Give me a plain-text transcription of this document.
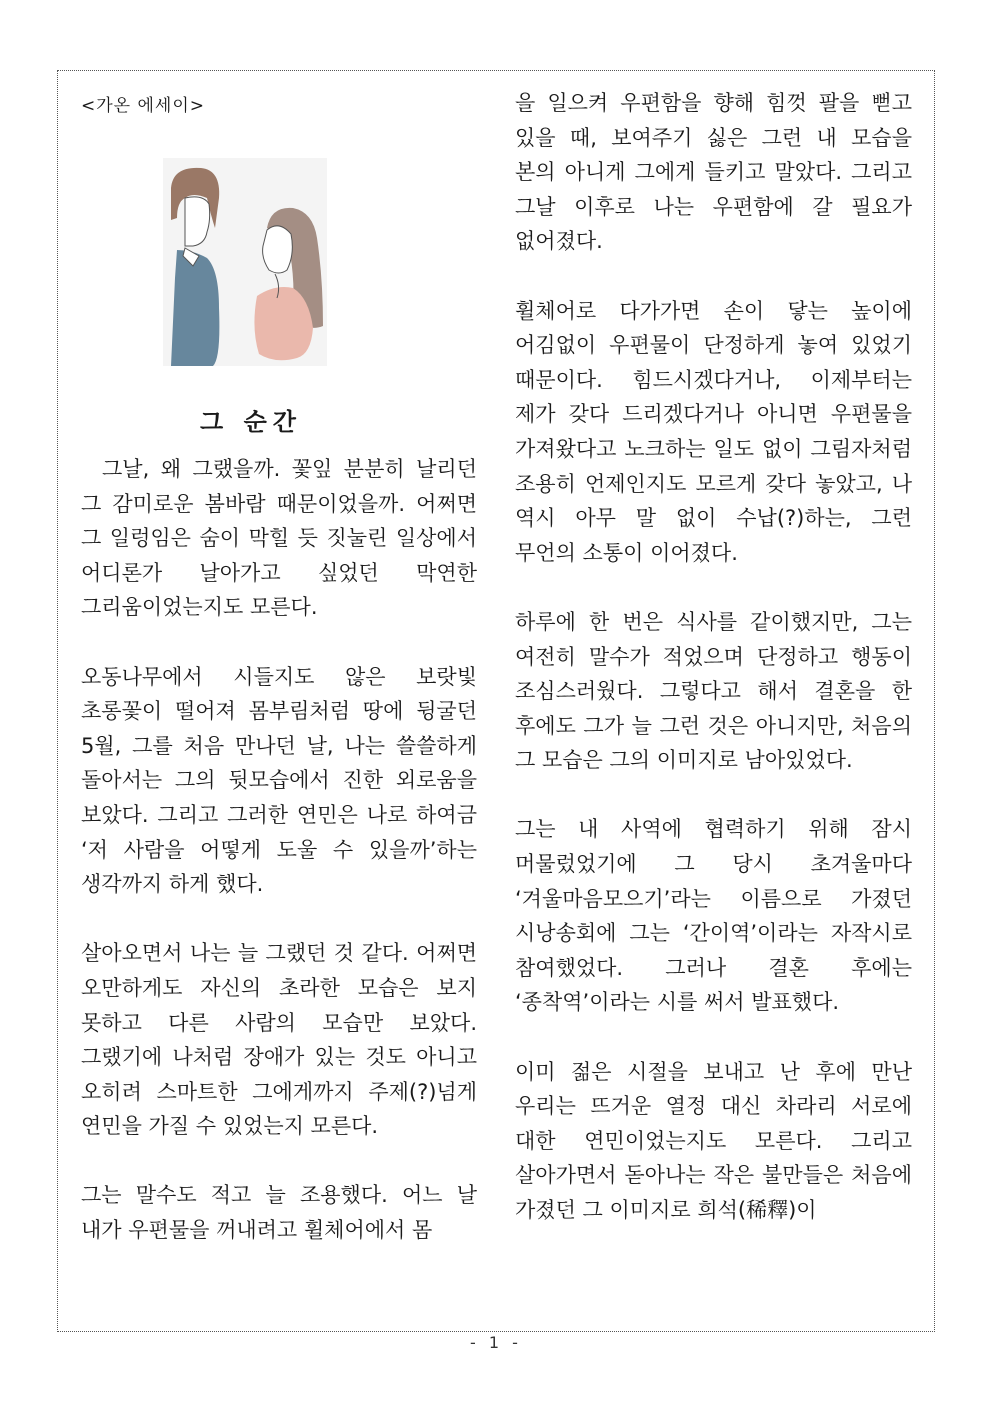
<가온 에세이>
그 순간

그날, 왜 그랬을까. 꽃잎 분분히 날리던 그 감미로운 봄바람 때문이었을까. 어쩌면 그 일렁임은 숨이 막힐 듯 짓눌린 일상에서 어디론가 날아가고 싶었던 막연한 그리움이었는지도 모른다.

오동나무에서 시들지도 않은 보랏빛 초롱꽃이 떨어져 몸부림처럼 땅에 뒹굴던 5월, 그를 처음 만나던 날, 나는 쓸쓸하게 돌아서는 그의 뒷모습에서 진한 외로움을 보았다. 그리고 그러한 연민은 나로 하여금 ‘저 사람을 어떻게 도울 수 있을까’하는 생각까지 하게 했다.

살아오면서 나는 늘 그랬던 것 같다. 어쩌면 오만하게도 자신의 초라한 모습은 보지 못하고 다른 사람의 모습만 보았다. 그랬기에 나처럼 장애가 있는 것도 아니고 오히려 스마트한 그에게까지 주제(?)넘게 연민을 가질 수 있었는지 모른다.

그는 말수도 적고 늘 조용했다. 어느 날 내가 우편물을 꺼내려고 휠체어에서 몸

을 일으켜 우편함을 향해 힘껏 팔을 뻗고 있을 때, 보여주기 싫은 그런 내 모습을 본의 아니게 그에게 들키고 말았다. 그리고 그날 이후로 나는 우편함에 갈 필요가 없어졌다.

휠체어로 다가가면 손이 닿는 높이에 어김없이 우편물이 단정하게 놓여 있었기 때문이다. 힘드시겠다거나, 이제부터는 제가 갖다 드리겠다거나 아니면 우편물을 가져왔다고 노크하는 일도 없이 그림자처럼 조용히 언제인지도 모르게 갖다 놓았고, 나 역시 아무 말 없이 수납(?)하는, 그런 무언의 소통이 이어졌다.

하루에 한 번은 식사를 같이했지만, 그는 여전히 말수가 적었으며 단정하고 행동이 조심스러웠다. 그렇다고 해서 결혼을 한 후에도 그가 늘 그런 것은 아니지만, 처음의 그 모습은 그의 이미지로 남아있었다.

그는 내 사역에 협력하기 위해 잠시 머물렀었기에 그 당시 초겨울마다 ‘겨울마음모으기’라는 이름으로 가졌던 시낭송회에 그는 ‘간이역’이라는 자작시로 참여했었다. 그러나 결혼 후에는 ‘종착역’이라는 시를 써서 발표했다.

이미 젊은 시절을 보내고 난 후에 만난 우리는 뜨거운 열정 대신 차라리 서로에 대한 연민이었는지도 모른다. 그리고 살아가면서 돋아나는 작은 불만들은 처음에 가졌던 그 이미지로 희석(稀釋)이

- 1 -
